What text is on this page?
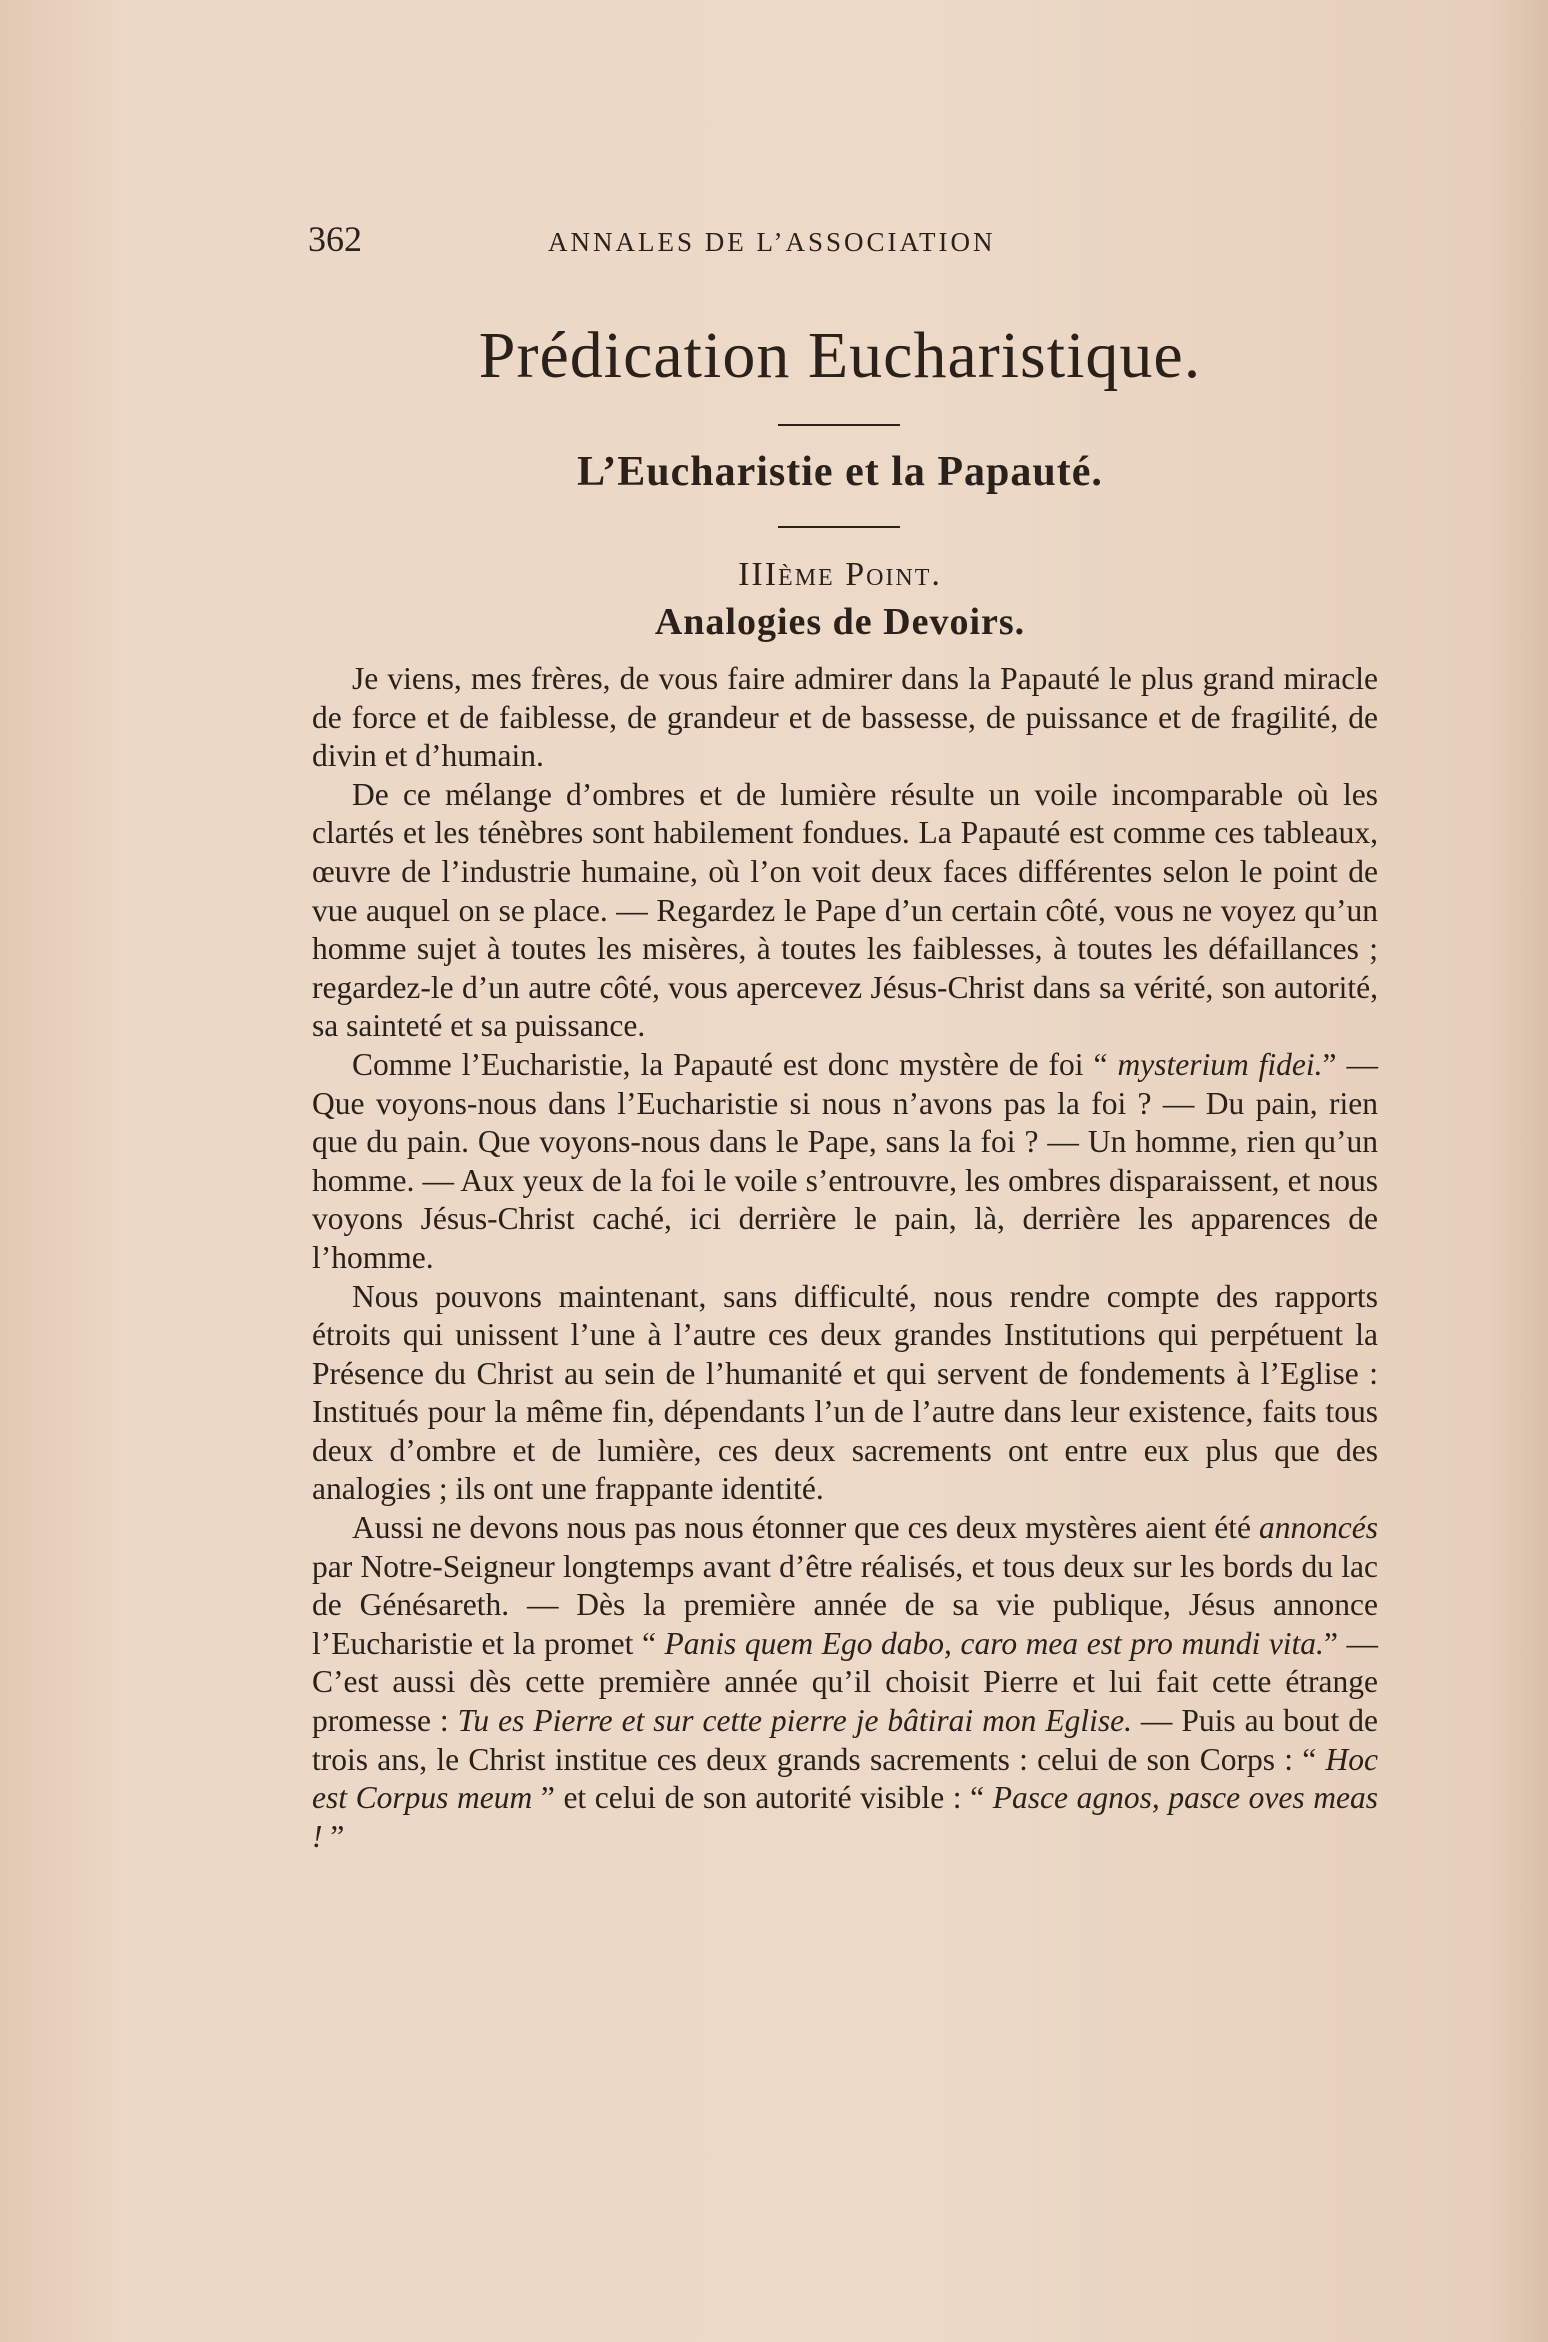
362	ANNALES DE L’ASSOCIATION
Prédication Eucharistique.
L’Eucharistie et la Papauté.
IIIème Point.
Analogies de Devoirs.

Je viens, mes frères, de vous faire admirer dans la Papauté le plus grand miracle de force et de faiblesse, de grandeur et de bassesse, de puissance et de fragilité, de divin et d’humain.

De ce mélange d’ombres et de lumière résulte un voile incomparable où les clartés et les ténèbres sont habilement fondues. La Papauté est comme ces tableaux, œuvre de l’industrie humaine, où l’on voit deux faces différentes selon le point de vue auquel on se place. — Regardez le Pape d’un certain côté, vous ne voyez qu’un homme sujet à toutes les misères, à toutes les faiblesses, à toutes les défaillances ; regardez-le d’un autre côté, vous apercevez Jésus-Christ dans sa vérité, son autorité, sa sainteté et sa puissance.

Comme l’Eucharistie, la Papauté est donc mystère de foi “ mysterium fidei.” — Que voyons-nous dans l’Eucharistie si nous n’avons pas la foi ? — Du pain, rien que du pain. Que voyons-nous dans le Pape, sans la foi ? — Un homme, rien qu’un homme. — Aux yeux de la foi le voile s’entrouvre, les ombres disparaissent, et nous voyons Jésus-Christ caché, ici derrière le pain, là, derrière les apparences de l’homme.

Nous pouvons maintenant, sans difficulté, nous rendre compte des rapports étroits qui unissent l’une à l’autre ces deux grandes Institutions qui perpétuent la Présence du Christ au sein de l’humanité et qui servent de fondements à l’Eglise : Institués pour la même fin, dépendants l’un de l’autre dans leur existence, faits tous deux d’ombre et de lumière, ces deux sacrements ont entre eux plus que des analogies ; ils ont une frappante identité.

Aussi ne devons nous pas nous étonner que ces deux mystères aient été annoncés par Notre-Seigneur longtemps avant d’être réalisés, et tous deux sur les bords du lac de Génésareth. — Dès la première année de sa vie publique, Jésus annonce l’Eucharistie et la promet “ Panis quem Ego dabo, caro mea est pro mundi vita.” — C’est aussi dès cette première année qu’il choisit Pierre et lui fait cette étrange promesse : Tu es Pierre et sur cette pierre je bâtirai mon Eglise. — Puis au bout de trois ans, le Christ institue ces deux grands sacrements : celui de son Corps : “ Hoc est Corpus meum ” et celui de son autorité visible : “ Pasce agnos, pasce oves meas ! ”
